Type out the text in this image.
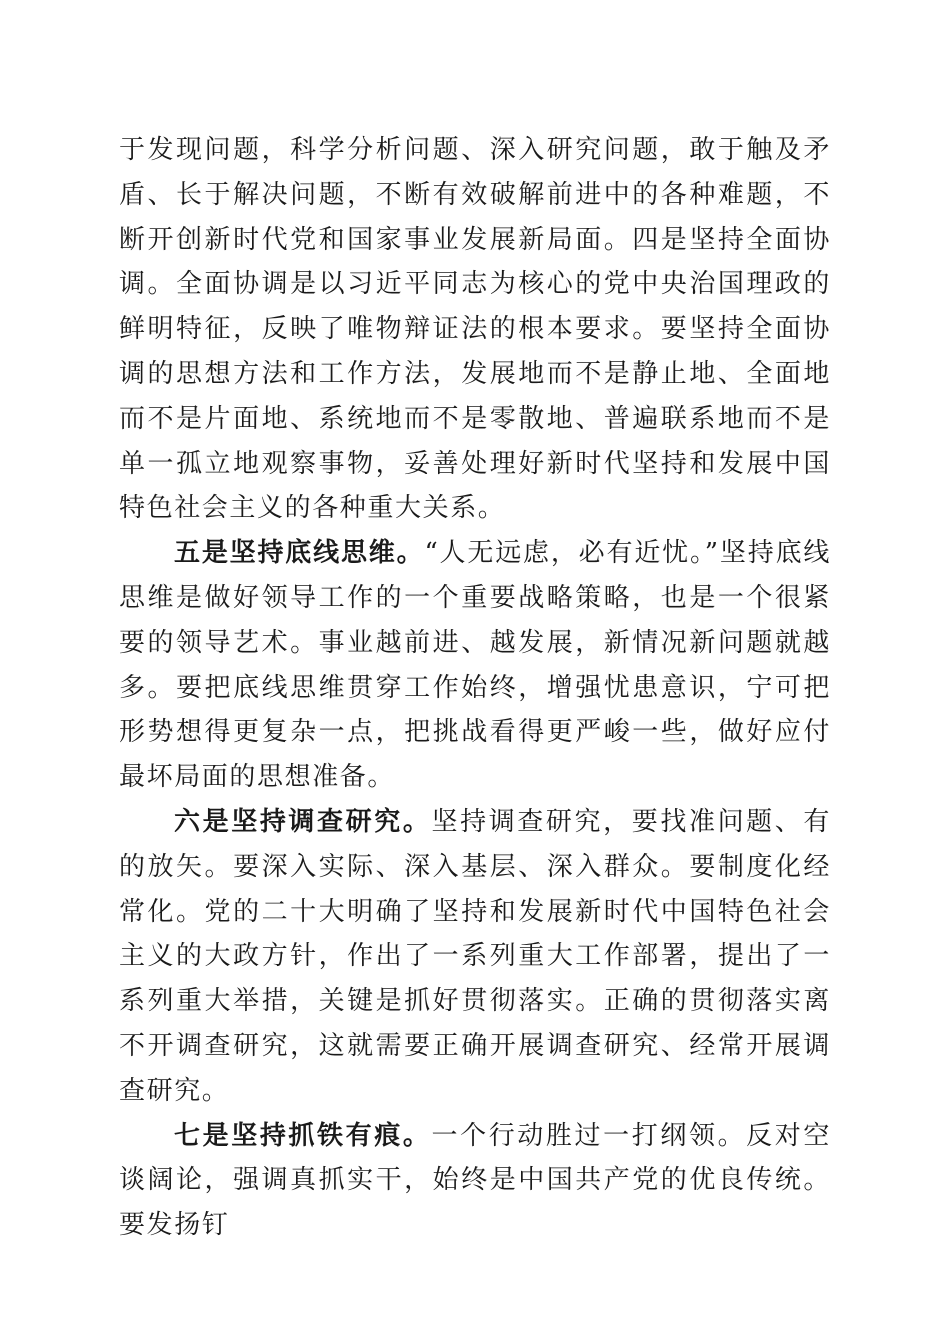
于发现问题，科学分析问题、深入研究问题，敢于触及矛盾、长于解决问题，不断有效破解前进中的各种难题，不断开创新时代党和国家事业发展新局面。四是坚持全面协调。全面协调是以习近平同志为核心的党中央治国理政的鲜明特征，反映了唯物辩证法的根本要求。要坚持全面协调的思想方法和工作方法，发展地而不是静止地、全面地而不是片面地、系统地而不是零散地、普遍联系地而不是单一孤立地观察事物，妥善处理好新时代坚持和发展中国特色社会主义的各种重大关系。

五是坚持底线思维。“人无远虑，必有近忧。”坚持底线思维是做好领导工作的一个重要战略策略，也是一个很紧要的领导艺术。事业越前进、越发展，新情况新问题就越多。要把底线思维贯穿工作始终，增强忧患意识，宁可把形势想得更复杂一点，把挑战看得更严峻一些，做好应付最坏局面的思想准备。

六是坚持调查研究。坚持调查研究，要找准问题、有的放矢。要深入实际、深入基层、深入群众。要制度化经常化。党的二十大明确了坚持和发展新时代中国特色社会主义的大政方针，作出了一系列重大工作部署，提出了一系列重大举措，关键是抓好贯彻落实。正确的贯彻落实离不开调查研究，这就需要正确开展调查研究、经常开展调查研究。

七是坚持抓铁有痕。一个行动胜过一打纲领。反对空谈阔论，强调真抓实干，始终是中国共产党的优良传统。要发扬钉
